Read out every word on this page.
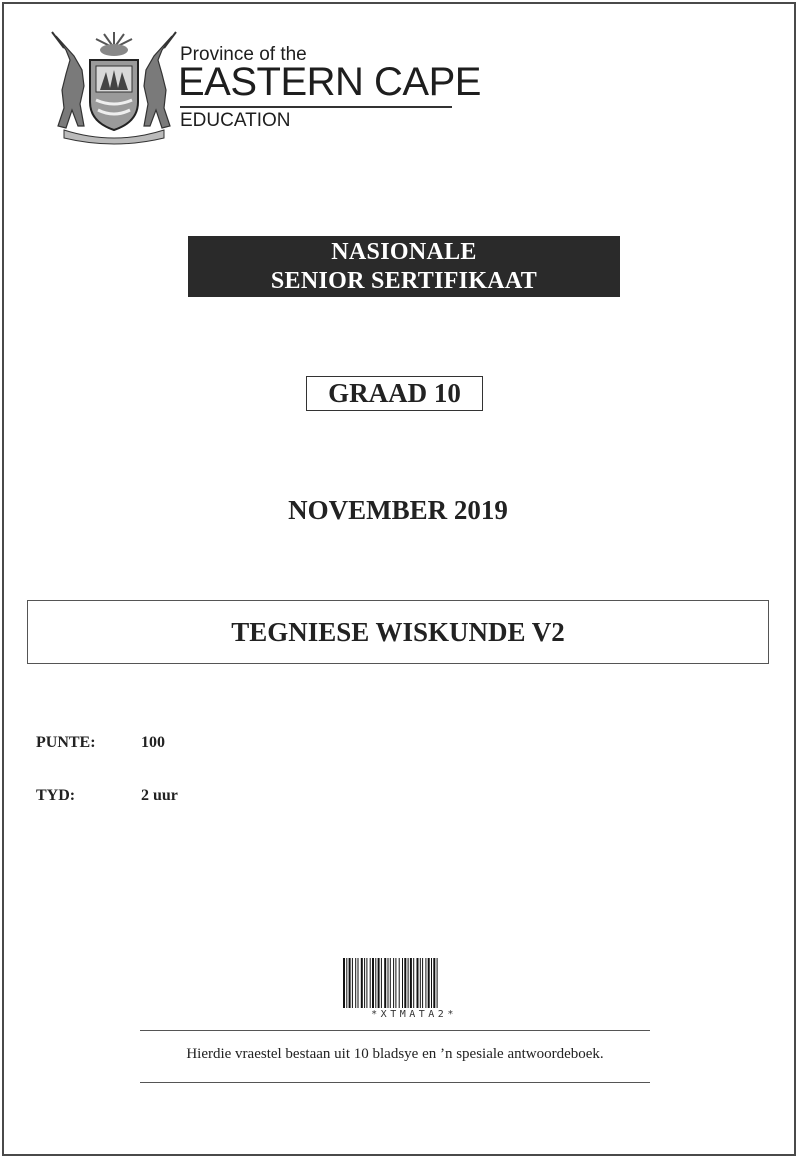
Province of the
EASTERN CAPE
EDUCATION
NASIONALE
SENIOR SERTIFIKAAT
GRAAD 10
NOVEMBER 2019
TEGNIESE WISKUNDE V2
PUNTE:	100
TYD:	2 uur
*XTMATA2*
Hierdie vraestel bestaan uit 10 bladsye en ’n spesiale antwoordeboek.
